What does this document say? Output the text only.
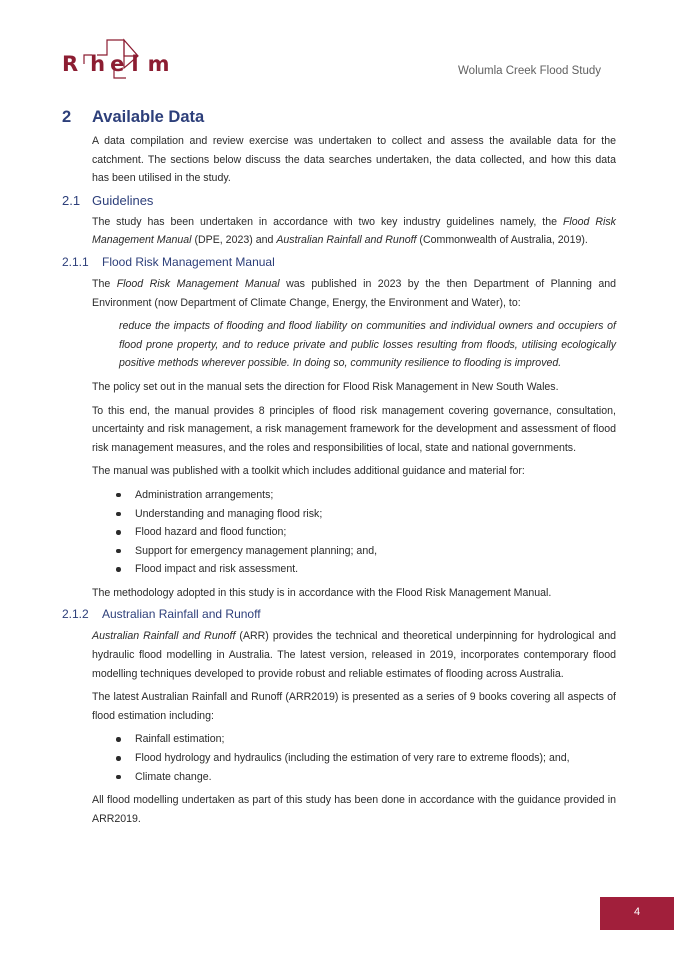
R h e l m	Wolumla Creek Flood Study
2	Available Data

A data compilation and review exercise was undertaken to collect and assess the available data for the catchment. The sections below discuss the data searches undertaken, the data collected, and how this data has been utilised in the study.

2.1 Guidelines

The study has been undertaken in accordance with two key industry guidelines namely, the Flood Risk Management Manual (DPE, 2023) and Australian Rainfall and Runoff (Commonwealth of Australia, 2019).

2.1.1	Flood Risk Management Manual

The Flood Risk Management Manual was published in 2023 by the then Department of Planning and Environment (now Department of Climate Change, Energy, the Environment and Water), to:

reduce the impacts of flooding and flood liability on communities and individual owners and occupiers of flood prone property, and to reduce private and public losses resulting from floods, utilising ecologically positive methods wherever possible. In doing so, community resilience to flooding is improved.

The policy set out in the manual sets the direction for Flood Risk Management in New South Wales.

To this end, the manual provides 8 principles of flood risk management covering governance, consultation, uncertainty and risk management, a risk management framework for the development and assessment of flood risk management measures, and the roles and responsibilities of local, state and national governments.

The manual was published with a toolkit which includes additional guidance and material for:

Administration arrangements;
Understanding and managing flood risk;
Flood hazard and flood function;
Support for emergency management planning; and,
Flood impact and risk assessment.

The methodology adopted in this study is in accordance with the Flood Risk Management Manual.

2.1.2	Australian Rainfall and Runoff

Australian Rainfall and Runoff (ARR) provides the technical and theoretical underpinning for hydrological and hydraulic flood modelling in Australia. The latest version, released in 2019, incorporates contemporary flood modelling techniques developed to provide robust and reliable estimates of flooding across Australia.

The latest Australian Rainfall and Runoff (ARR2019) is presented as a series of 9 books covering all aspects of flood estimation including:

Rainfall estimation;
Flood hydrology and hydraulics (including the estimation of very rare to extreme floods); and,
Climate change.

All flood modelling undertaken as part of this study has been done in accordance with the guidance provided in ARR2019.

4
